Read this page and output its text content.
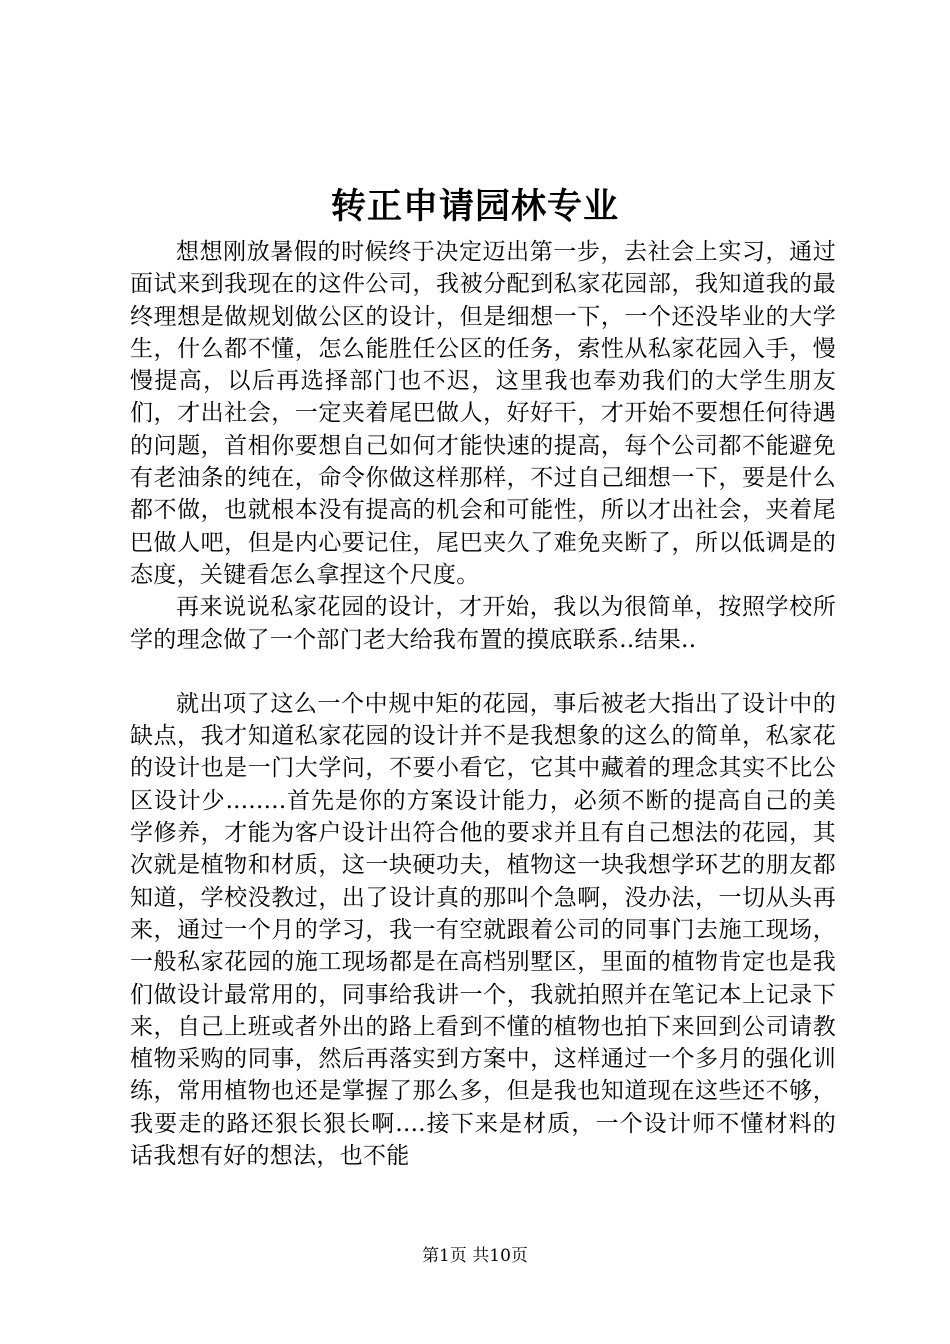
转正申请园林专业

想想刚放暑假的时候终于决定迈出第一步，去社会上实习，通过面试来到我现在的这件公司，我被分配到私家花园部，我知道我的最终理想是做规划做公区的设计，但是细想一下，一个还没毕业的大学生，什么都不懂，怎么能胜任公区的任务，索性从私家花园入手，慢慢提高，以后再选择部门也不迟，这里我也奉劝我们的大学生朋友们，才出社会，一定夹着尾巴做人，好好干，才开始不要想任何待遇的问题，首相你要想自己如何才能快速的提高，每个公司都不能避免有老油条的纯在，命令你做这样那样，不过自己细想一下，要是什么都不做，也就根本没有提高的机会和可能性，所以才出社会，夹着尾巴做人吧，但是内心要记住，尾巴夹久了难免夹断了，所以低调是的态度，关键看怎么拿捏这个尺度。

再来说说私家花园的设计，才开始，我以为很简单，按照学校所学的理念做了一个部门老大给我布置的摸底联系..结果..

就出项了这么一个中规中矩的花园，事后被老大指出了设计中的缺点，我才知道私家花园的设计并不是我想象的这么的简单，私家花的设计也是一门大学问，不要小看它，它其中藏着的理念其实不比公区设计少........首先是你的方案设计能力，必须不断的提高自己的美学修养，才能为客户设计出符合他的要求并且有自己想法的花园，其次就是植物和材质，这一块硬功夫，植物这一块我想学环艺的朋友都知道，学校没教过，出了设计真的那叫个急啊，没办法，一切从头再来，通过一个月的学习，我一有空就跟着公司的同事门去施工现场，一般私家花园的施工现场都是在高档别墅区，里面的植物肯定也是我们做设计最常用的，同事给我讲一个，我就拍照并在笔记本上记录下来，自己上班或者外出的路上看到不懂的植物也拍下来回到公司请教植物采购的同事，然后再落实到方案中，这样通过一个多月的强化训练，常用植物也还是掌握了那么多，但是我也知道现在这些还不够，我要走的路还狠长狠长啊....接下来是材质，一个设计师不懂材料的话我想有好的想法，也不能

第1页 共10页
